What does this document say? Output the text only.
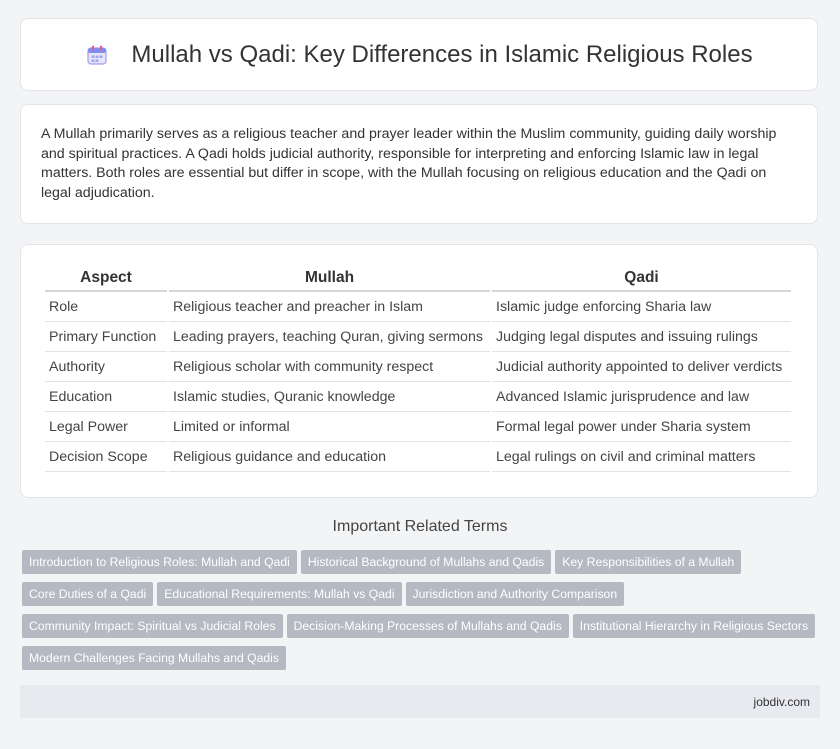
Mullah vs Qadi: Key Differences in Islamic Religious Roles

A Mullah primarily serves as a religious teacher and prayer leader within the Muslim community, guiding daily worship and spiritual practices. A Qadi holds judicial authority, responsible for interpreting and enforcing Islamic law in legal matters. Both roles are essential but differ in scope, with the Mullah focusing on religious education and the Qadi on legal adjudication.

Aspect	Mullah	Qadi
Role	Religious teacher and preacher in Islam	Islamic judge enforcing Sharia law
Primary Function	Leading prayers, teaching Quran, giving sermons	Judging legal disputes and issuing rulings
Authority	Religious scholar with community respect	Judicial authority appointed to deliver verdicts
Education	Islamic studies, Quranic knowledge	Advanced Islamic jurisprudence and law
Legal Power	Limited or informal	Formal legal power under Sharia system
Decision Scope	Religious guidance and education	Legal rulings on civil and criminal matters
Important Related Terms
Introduction to Religious Roles: Mullah and Qadi Historical Background of Mullahs and Qadis Key Responsibilities of a Mullah
Core Duties of a Qadi Educational Requirements: Mullah vs Qadi Jurisdiction and Authority Comparison
Community Impact: Spiritual vs Judicial Roles Decision-Making Processes of Mullahs and Qadis Institutional Hierarchy in Religious Sectors
Modern Challenges Facing Mullahs and Qadis
jobdiv.com
